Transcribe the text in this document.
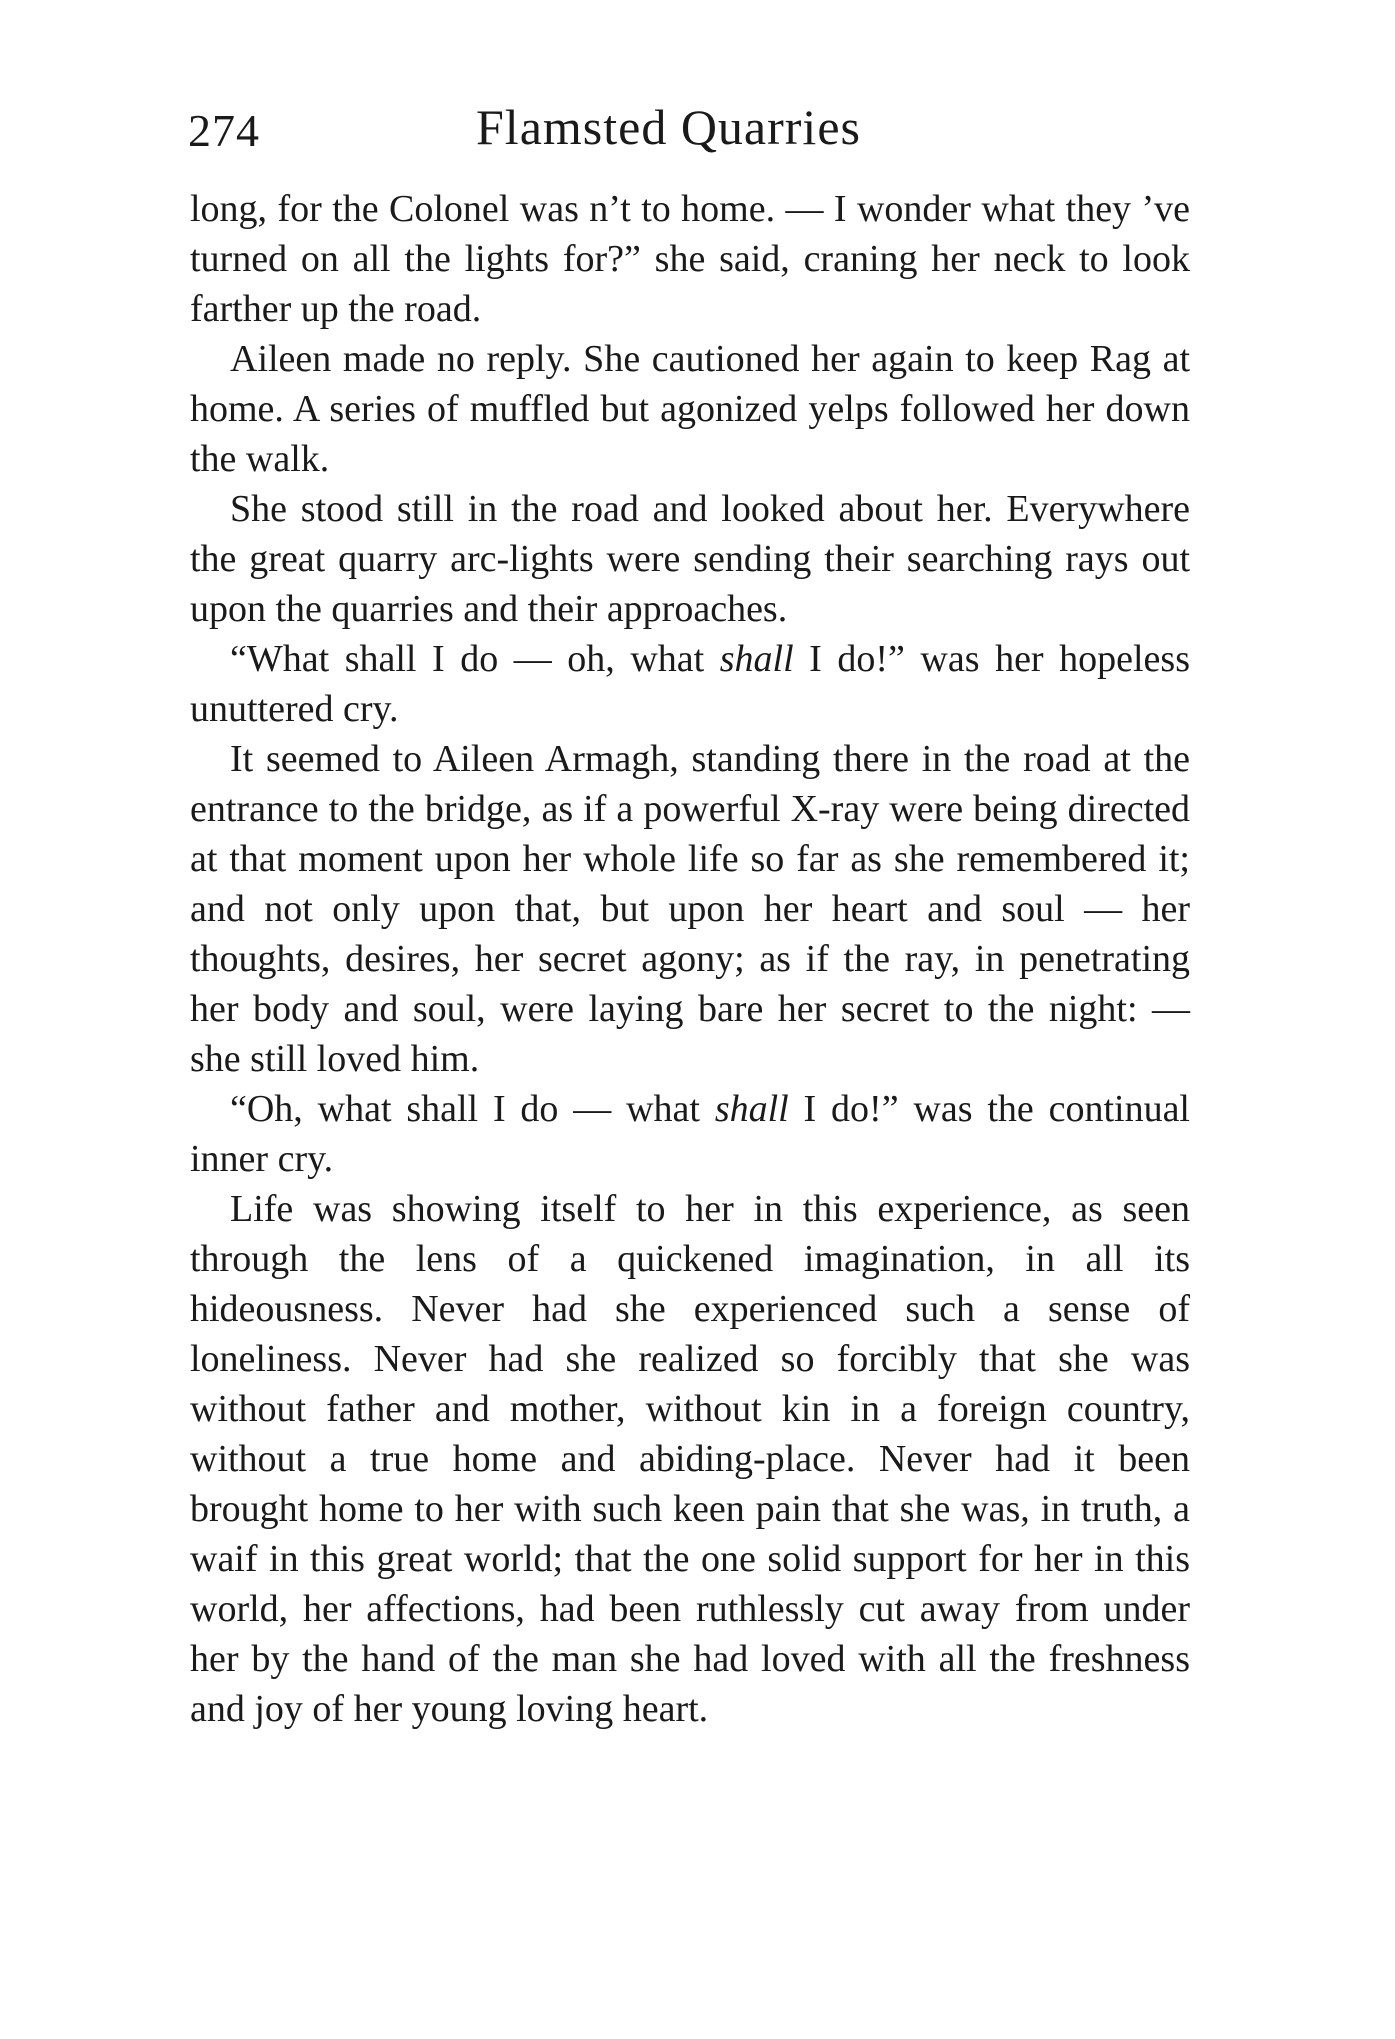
274	Flamsted Quarries

long, for the Colonel was n’t to home. — I wonder what they ’ve turned on all the lights for?” she said, craning her neck to look farther up the road.

Aileen made no reply. She cautioned her again to keep Rag at home. A series of muffled but agonized yelps followed her down the walk.

She stood still in the road and looked about her. Everywhere the great quarry arc-lights were sending their searching rays out upon the quarries and their approaches.

“What shall I do — oh, what shall I do!” was her hopeless unuttered cry.

It seemed to Aileen Armagh, standing there in the road at the entrance to the bridge, as if a powerful X-ray were being directed at that moment upon her whole life so far as she remembered it; and not only upon that, but upon her heart and soul — her thoughts, desires, her secret agony; as if the ray, in penetrating her body and soul, were laying bare her secret to the night: — she still loved him.

“Oh, what shall I do — what shall I do!” was the continual inner cry.

Life was showing itself to her in this experience, as seen through the lens of a quickened imagination, in all its hideousness. Never had she experienced such a sense of loneliness. Never had she realized so forcibly that she was without father and mother, without kin in a foreign country, without a true home and abiding-place. Never had it been brought home to her with such keen pain that she was, in truth, a waif in this great world; that the one solid support for her in this world, her affections, had been ruthlessly cut away from under her by the hand of the man she had loved with all the freshness and joy of her young loving heart.
